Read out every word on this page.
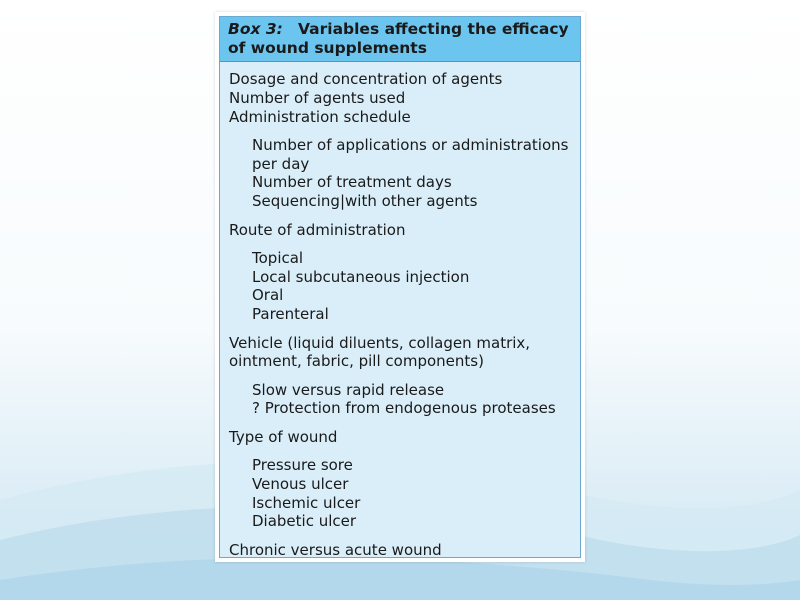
Box 3: Variables affecting the efficacy
of wound supplements
Dosage and concentration of agents
Number of agents used
Administration schedule
Number of applications or administrations
per day
Number of treatment days
Sequencing|with other agents
Route of administration
Topical
Local subcutaneous injection
Oral
Parenteral
Vehicle (liquid diluents, collagen matrix,
ointment, fabric, pill components)
Slow versus rapid release
? Protection from endogenous proteases
Type of wound
Pressure sore
Venous ulcer
Ischemic ulcer
Diabetic ulcer
Chronic versus acute wound
